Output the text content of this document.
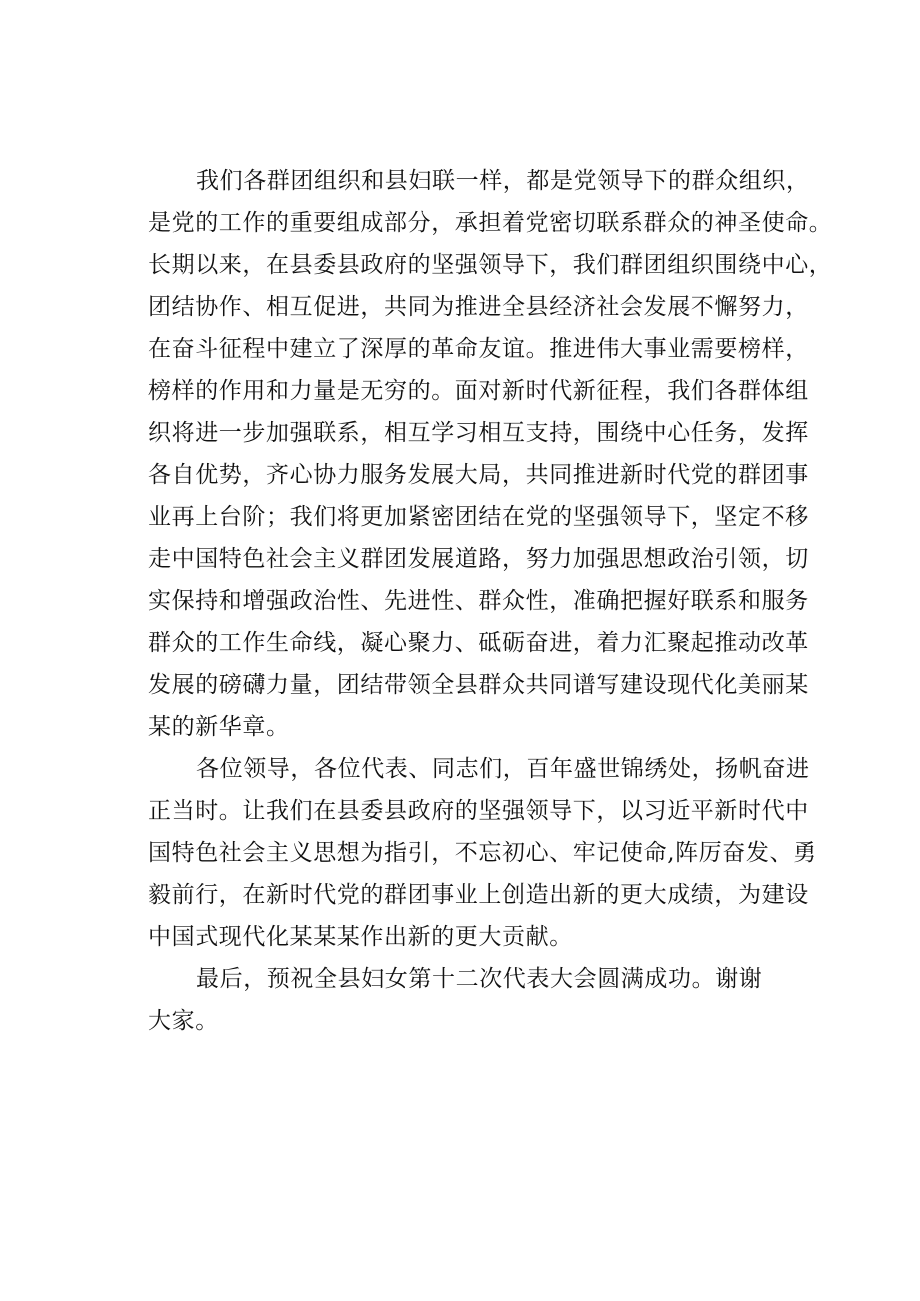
我们各群团组织和县妇联一样，都是党领导下的群众组织，
是党的工作的重要组成部分，承担着党密切联系群众的神圣使命。
长期以来，在县委县政府的坚强领导下，我们群团组织围绕中心，
团结协作、相互促进，共同为推进全县经济社会发展不懈努力，
在奋斗征程中建立了深厚的革命友谊。推进伟大事业需要榜样，
榜样的作用和力量是无穷的。面对新时代新征程，我们各群体组
织将进一步加强联系，相互学习相互支持，围绕中心任务，发挥
各自优势，齐心协力服务发展大局，共同推进新时代党的群团事
业再上台阶；我们将更加紧密团结在党的坚强领导下，坚定不移
走中国特色社会主义群团发展道路，努力加强思想政治引领，切
实保持和增强政治性、先进性、群众性，准确把握好联系和服务
群众的工作生命线，凝心聚力、砥砺奋进，着力汇聚起推动改革
发展的磅礴力量，团结带领全县群众共同谱写建设现代化美丽某
某的新华章。
各位领导，各位代表、同志们，百年盛世锦绣处，扬帆奋进
正当时。让我们在县委县政府的坚强领导下，以习近平新时代中
国特色社会主义思想为指引，不忘初心、牢记使命,阵厉奋发、勇
毅前行，在新时代党的群团事业上创造出新的更大成绩，为建设
中国式现代化某某某作出新的更大贡献。
最后，预祝全县妇女第十二次代表大会圆满成功。谢谢
大家。
